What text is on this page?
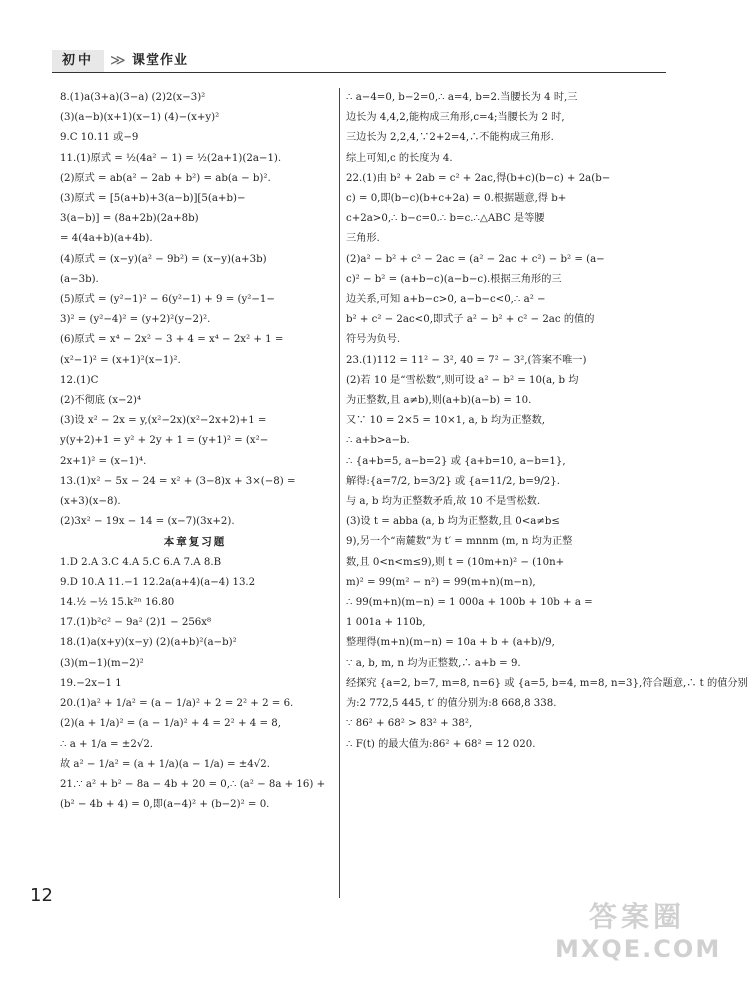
初中	≫ 课堂作业
8.(1)a(3+a)(3−a) (2)2(x−3)²
(3)(a−b)(x+1)(x−1) (4)−(x+y)²
9.C 10.11 或−9
11.(1)原式 = ½(4a² − 1) = ½(2a+1)(2a−1).
(2)原式 = ab(a² − 2ab + b²) = ab(a − b)².
(3)原式 = [5(a+b)+3(a−b)][5(a+b)−
3(a−b)] = (8a+2b)(2a+8b)
= 4(4a+b)(a+4b).
(4)原式 = (x−y)(a² − 9b²) = (x−y)(a+3b)
(a−3b).
(5)原式 = (y²−1)² − 6(y²−1) + 9 = (y²−1−
3)² = (y²−4)² = (y+2)²(y−2)².
(6)原式 = x⁴ − 2x² − 3 + 4 = x⁴ − 2x² + 1 =
(x²−1)² = (x+1)²(x−1)².
12.(1)C
(2)不彻底 (x−2)⁴
(3)设 x² − 2x = y,(x²−2x)(x²−2x+2)+1 =
y(y+2)+1 = y² + 2y + 1 = (y+1)² = (x²−
2x+1)² = (x−1)⁴.
13.(1)x² − 5x − 24 = x² + (3−8)x + 3×(−8) =
(x+3)(x−8).
(2)3x² − 19x − 14 = (x−7)(3x+2).
本章复习题
1.D 2.A 3.C 4.A 5.C 6.A 7.A 8.B
9.D 10.A 11.−1 12.2a(a+4)(a−4) 13.2
14.½ −½ 15.k²ⁿ 16.80
17.(1)b²c² − 9a² (2)1 − 256x⁸
18.(1)a(x+y)(x−y) (2)(a+b)²(a−b)²
(3)(m−1)(m−2)²
19.−2x−1 1
20.(1)a² + 1/a² = (a − 1/a)² + 2 = 2² + 2 = 6.
(2)(a + 1/a)² = (a − 1/a)² + 4 = 2² + 4 = 8,
∴ a + 1/a = ±2√2.
故 a² − 1/a² = (a + 1/a)(a − 1/a) = ±4√2.
21.∵ a² + b² − 8a − 4b + 20 = 0,∴ (a² − 8a + 16) +
(b² − 4b + 4) = 0,即(a−4)² + (b−2)² = 0.
∴ a−4=0, b−2=0,∴ a=4, b=2.当腰长为 4 时,三
边长为 4,4,2,能构成三角形,c=4;当腰长为 2 时,
三边长为 2,2,4,∵2+2=4,∴不能构成三角形.
综上可知,c 的长度为 4.
22.(1)由 b² + 2ab = c² + 2ac,得(b+c)(b−c) + 2a(b−
c) = 0,即(b−c)(b+c+2a) = 0.根据题意,得 b+
c+2a>0,∴ b−c=0.∴ b=c.∴△ABC 是等腰
三角形.
(2)a² − b² + c² − 2ac = (a² − 2ac + c²) − b² = (a−
c)² − b² = (a+b−c)(a−b−c).根据三角形的三
边关系,可知 a+b−c>0, a−b−c<0,∴ a² −
b² + c² − 2ac<0,即式子 a² − b² + c² − 2ac 的值的
符号为负号.
23.(1)112 = 11² − 3², 40 = 7² − 3²,(答案不唯一)
(2)若 10 是“雪松数”,则可设 a² − b² = 10(a, b 均
为正整数,且 a≠b),则(a+b)(a−b) = 10.
又∵ 10 = 2×5 = 10×1, a, b 均为正整数,
∴ a+b>a−b.
∴ {a+b=5, a−b=2} 或 {a+b=10, a−b=1},
解得:{a=7/2, b=3/2} 或 {a=11/2, b=9/2}.
与 a, b 均为正整数矛盾,故 10 不是雪松数.
(3)设 t = abba (a, b 均为正整数,且 0<a≠b≤
9),另一个“南麓数”为 t′ = mnnm (m, n 均为正整
数,且 0<n<m≤9),则 t = (10m+n)² − (10n+
m)² = 99(m² − n²) = 99(m+n)(m−n),
∴ 99(m+n)(m−n) = 1 000a + 100b + 10b + a =
1 001a + 110b,
整理得(m+n)(m−n) = 10a + b + (a+b)/9,
∵ a, b, m, n 均为正整数,∴ a+b = 9.
经探究 {a=2, b=7, m=8, n=6} 或 {a=5, b=4, m=8, n=3},符合题意,∴ t 的值分别
为:2 772,5 445, t′ 的值分别为:8 668,8 338.
∵ 86² + 68² > 83² + 38²,
∴ F(t) 的最大值为:86² + 68² = 12 020.
12
答案圈
MXQE.COM
